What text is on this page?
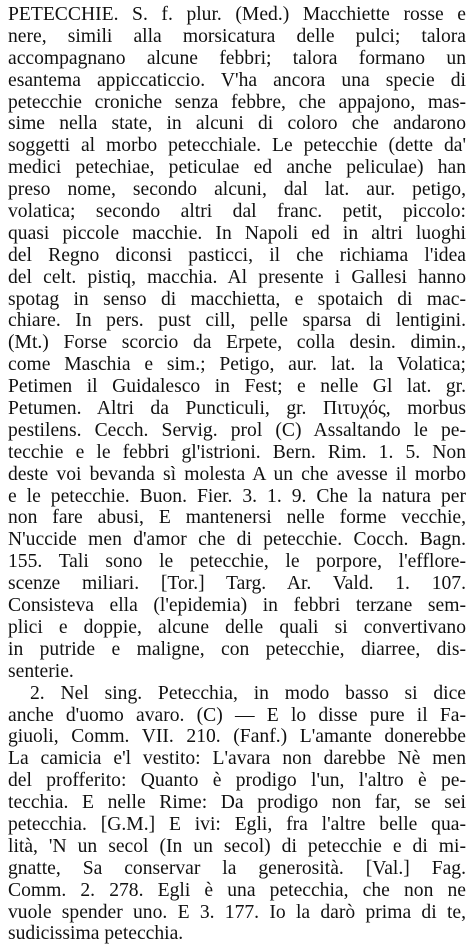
PETECCHIE. S. f. plur. (Med.) Macchiette rosse e
nere, simili alla morsicatura delle pulci; talora
accompagnano alcune febbri; talora formano un
esantema appiccaticcio. V'ha ancora una specie di
petecchie croniche senza febbre, che appajono, mas-
sime nella state, in alcuni di coloro che andarono
soggetti al morbo petecchiale. Le petecchie (dette da'
medici petechiae, peticulae ed anche peliculae) han
preso nome, secondo alcuni, dal lat. aur. petigo,
volatica; secondo altri dal franc. petit, piccolo:
quasi piccole macchie. In Napoli ed in altri luoghi
del Regno diconsi pasticci, il che richiama l'idea
del celt. pistiq, macchia. Al presente i Gallesi hanno
spotag in senso di macchietta, e spotaich di mac-
chiare. In pers. pust cill, pelle sparsa di lentigini.
(Mt.) Forse scorcio da Erpete, colla desin. dimin.,
come Maschia e sim.; Petigo, aur. lat. la Volatica;
Petimen il Guidalesco in Fest; e nelle Gl lat. gr.
Petumen. Altri da Puncticuli, gr. Πιτυχός, morbus
pestilens. Cecch. Servig. prol (C) Assaltando le pe-
tecchie e le febbri gl'istrioni. Bern. Rim. 1. 5. Non
deste voi bevanda sì molesta A un che avesse il morbo
e le petecchie. Buon. Fier. 3. 1. 9. Che la natura per
non fare abusi, E mantenersi nelle forme vecchie,
N'uccide men d'amor che di petecchie. Cocch. Bagn.
155. Tali sono le petecchie, le porpore, l'efflore-
scenze miliari. [Tor.] Targ. Ar. Vald. 1. 107.
Consisteva ella (l'epidemia) in febbri terzane sem-
plici e doppie, alcune delle quali si convertivano
in putride e maligne, con petecchie, diarree, dis-
senterie.
2. Nel sing. Petecchia, in modo basso si dice
anche d'uomo avaro. (C) — E lo disse pure il Fa-
giuoli, Comm. VII. 210. (Fanf.) L'amante donerebbe
La camicia e'l vestito: L'avara non darebbe Nè men
del profferito: Quanto è prodigo l'un, l'altro è pe-
tecchia. E nelle Rime: Da prodigo non far, se sei
petecchia. [G.M.] E ivi: Egli, fra l'altre belle qua-
lità, 'N un secol (In un secol) di petecchie e di mi-
gnatte, Sa conservar la generosità. [Val.] Fag.
Comm. 2. 278. Egli è una petecchia, che non ne
vuole spender uno. E 3. 177. Io la darò prima di te,
sudicissima petecchia.
